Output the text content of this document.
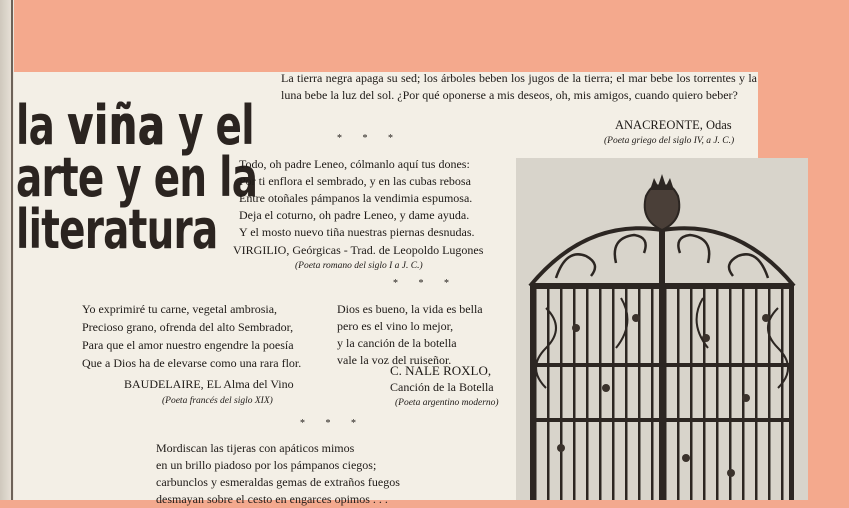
la viña y el
arte y en la
literatura
La tierra negra apaga su sed; los árboles beben los jugos de la tierra; el mar bebe los torrentes y la luna bebe la luz del sol. ¿Por qué oponerse a mis deseos, oh, mis amigos, cuando quiero beber?
ANACREONTE, Odas
(Poeta griego del siglo IV, a J. C.)
* * *
Todo, oh padre Leneo, cólmanlo aquí tus dones:
Por ti enflora el sembrado, y en las cubas rebosa
Entre otoñales pámpanos la vendimia espumosa.
Deja el coturno, oh padre Leneo, y dame ayuda.
Y el mosto nuevo tiña nuestras piernas desnudas.
VIRGILIO, Geórgicas - Trad. de Leopoldo Lugones
(Poeta romano del siglo I a J. C.)
* * *
Yo exprimiré tu carne, vegetal ambrosia,
Precioso grano, ofrenda del alto Sembrador,
Para que el amor nuestro engendre la poesía
Que a Dios ha de elevarse como una rara flor.
BAUDELAIRE, EL Alma del Vino
(Poeta francés del siglo XIX)
Dios es bueno, la vida es bella
pero es el vino lo mejor,
y la canción de la botella
vale la voz del ruiseñor.
C. NALE ROXLO,
Canción de la Botella
(Poeta argentino moderno)
* * *
Mordiscan las tijeras con apáticos mimos
en un brillo piadoso por los pámpanos ciegos;
carbunclos y esmeraldas gemas de extraños fuegos
desmayan sobre el cesto en engarces opimos . . .
